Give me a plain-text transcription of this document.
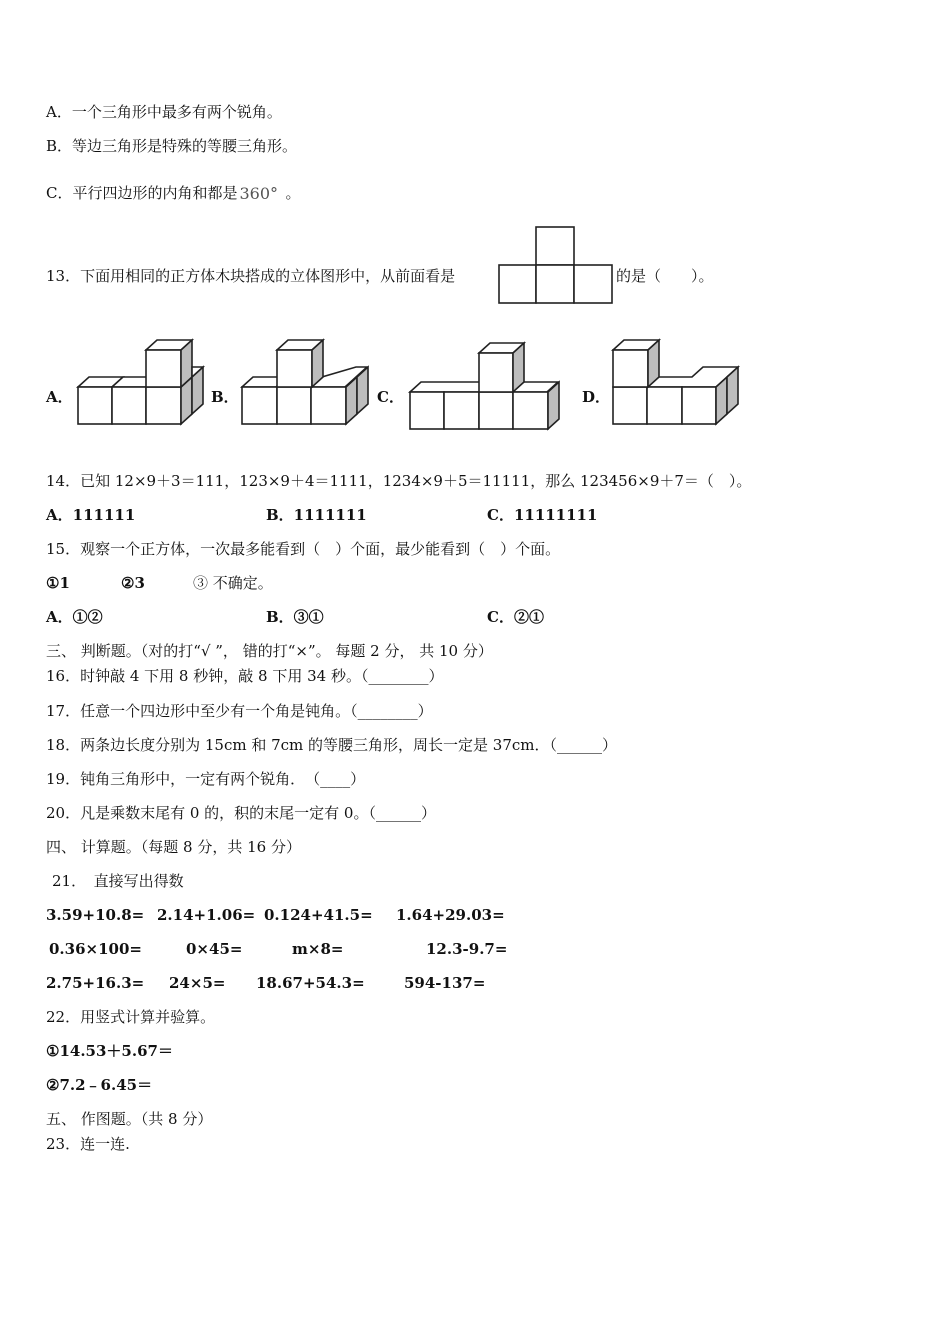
A．一个三角形中最多有两个锐角。
B．等边三角形是特殊的等腰三角形。
C．平行四边形的内角和都是 360° 。
13．下面用相同的正方体木块搭成的立体图形中，从前面看是	的是（　　）。
A．	B．	C．	D．
14．已知 12×9＋3＝111，123×9＋4＝1111，1234×9＋5＝11111，那么 123456×9＋7＝（　）。
A．111111	B．1111111	C．11111111
15．观察一个正方体，一次最多能看到（　）个面，最少能看到（　）个面。
①1	②3	③ 不确定。
A．①②	B．③①	C．②①
三、 判断题。（对的打“√ ”， 错的打“×”。 每题 2 分， 共 10 分）
16．时钟敲 4 下用 8 秒钟，敲 8 下用 34 秒。（________）
17．任意一个四边形中至少有一个角是钝角。（________）
18．两条边长度分别为 15cm 和 7cm 的等腰三角形，周长一定是 37cm．（______）
19．钝角三角形中，一定有两个锐角．　（____）
20．凡是乘数末尾有 0 的，积的末尾一定有 0。（______）
四、 计算题。（每题 8 分，共 16 分）
21．　直接写出得数
3.59+10.8= 2.14+1.06= 0.124+41.5= 1.64+29.03=
0.36×100=	0×45=	m×8=	12.3-9.7=
2.75+16.3= 24×5= 18.67+54.3=	594-137=
22．用竖式计算并验算。
①14.53＋5.67＝
②7.2﹣6.45＝
五、 作图题。（共 8 分）
23．连一连.
